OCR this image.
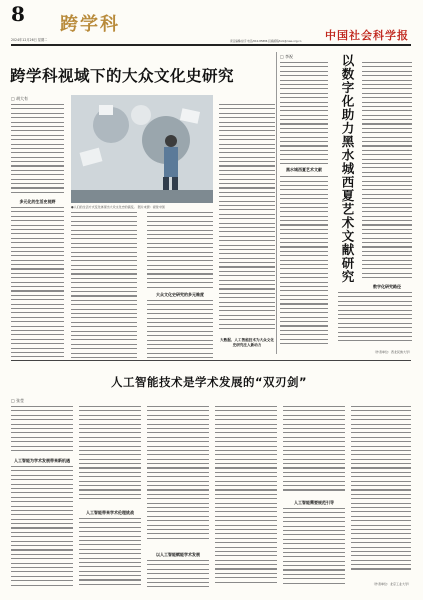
8 跨学科
2024年12月26日 星期二	中国社会科学报
责任编辑/赵宇 电话/010-85886 投稿邮箱/kxk@cass.org.cn
跨学科视域下的大众文化史研究
□ 胡大有
多元化的生活史视野
●人们的生活方式变化体现出大众文化史的演变。 图片来源：视觉中国
大众文化史研究的多元维度
大数据、人工智能技术为大众文化史研究注入新动力
□ 李祝
黑水城西夏艺术文献	以数字化助力黑水城西夏艺术文献研究
数字化研究路径
（作者单位：西北民族大学）
人工智能技术是学术发展的“双刃剑”
□ 张莹
人工智能为学术发展带来新机遇
人工智能带来学术伦理挑战
以人工智能赋能学术发展
人工智能需要规范引导
（作者单位：北京工业大学）
